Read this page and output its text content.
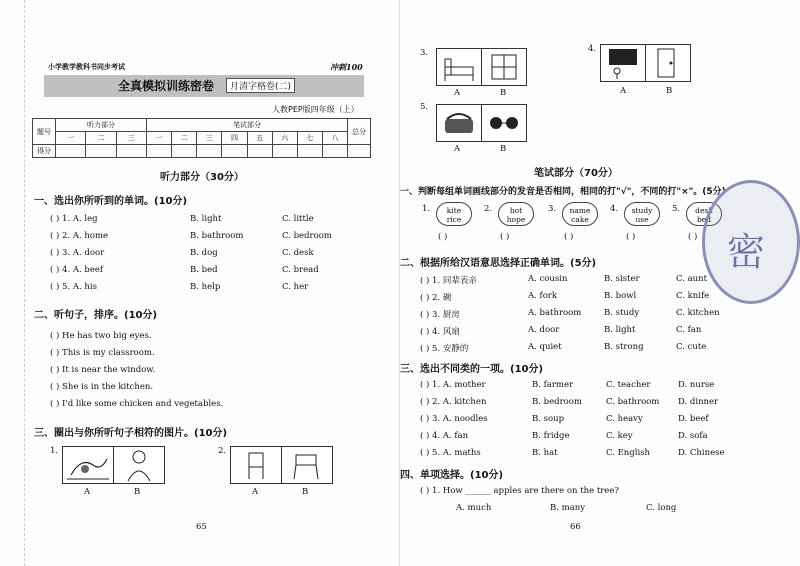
小学教学教科书同步考试	冲刺100
全真模拟训练密卷	月清字格卷(二)
人教PEP版四年级（上）
题号	听力部分			笔试部分								总分
	一	二	三	一	二	三	四	五	六	七	八	
得分												
听力部分（30分）
一、选出你所听到的单词。(10分)
( ) 1. A. leg	B. light	C. little
( ) 2. A. home	B. bathroom	C. bedroom
( ) 3. A. door	B. dog	C. desk
( ) 4. A. beef	B. bed	C. bread
( ) 5. A. his	B. help	C. her
二、听句子，排序。(10分)
( ) He has two big eyes.
( ) This is my classroom.
( ) It is near the window.
( ) She is in the kitchen.
( ) I'd like some chicken and vegetables.
三、圈出与你所听句子相符的图片。(10分)
1.
A	B
2.
A	B
65
3.
A	B
4.
A	B
5.
A	B
笔试部分（70分）
一、判断每组单词画线部分的发音是否相同，相同的打"√"，不同的打"×"。(5分)
1.	kite
rice
( )
2.	hot
hope
( )
3.	name
cake
( )
4.	study
use
( )
5.	desk
bed
( )
二、根据所给汉语意思选择正确单词。(5分)
( ) 1. 同辈表亲	A. cousin	B. sister	C. aunt
( ) 2. 碗	A. fork	B. bowl	C. knife
( ) 3. 厨房	A. bathroom	B. study	C. kitchen
( ) 4. 风扇	A. door	B. light	C. fan
( ) 5. 安静的	A. quiet	B. strong	C. cute
三、选出不同类的一项。(10分)
( ) 1. A. mother	B. farmer	C. teacher	D. nurse
( ) 2. A. kitchen	B. bedroom	C. bathroom D. dinner
( ) 3. A. noodles	B. soup	C. heavy	D. beef
( ) 4. A. fan	B. fridge	C. key	D. sofa
( ) 5. A. maths	B. hat	C. English	D. Chinese
四、单项选择。(10分)
( ) 1. How ______ apples are there on the tree?
A. much	B. many	C. long
66
密
